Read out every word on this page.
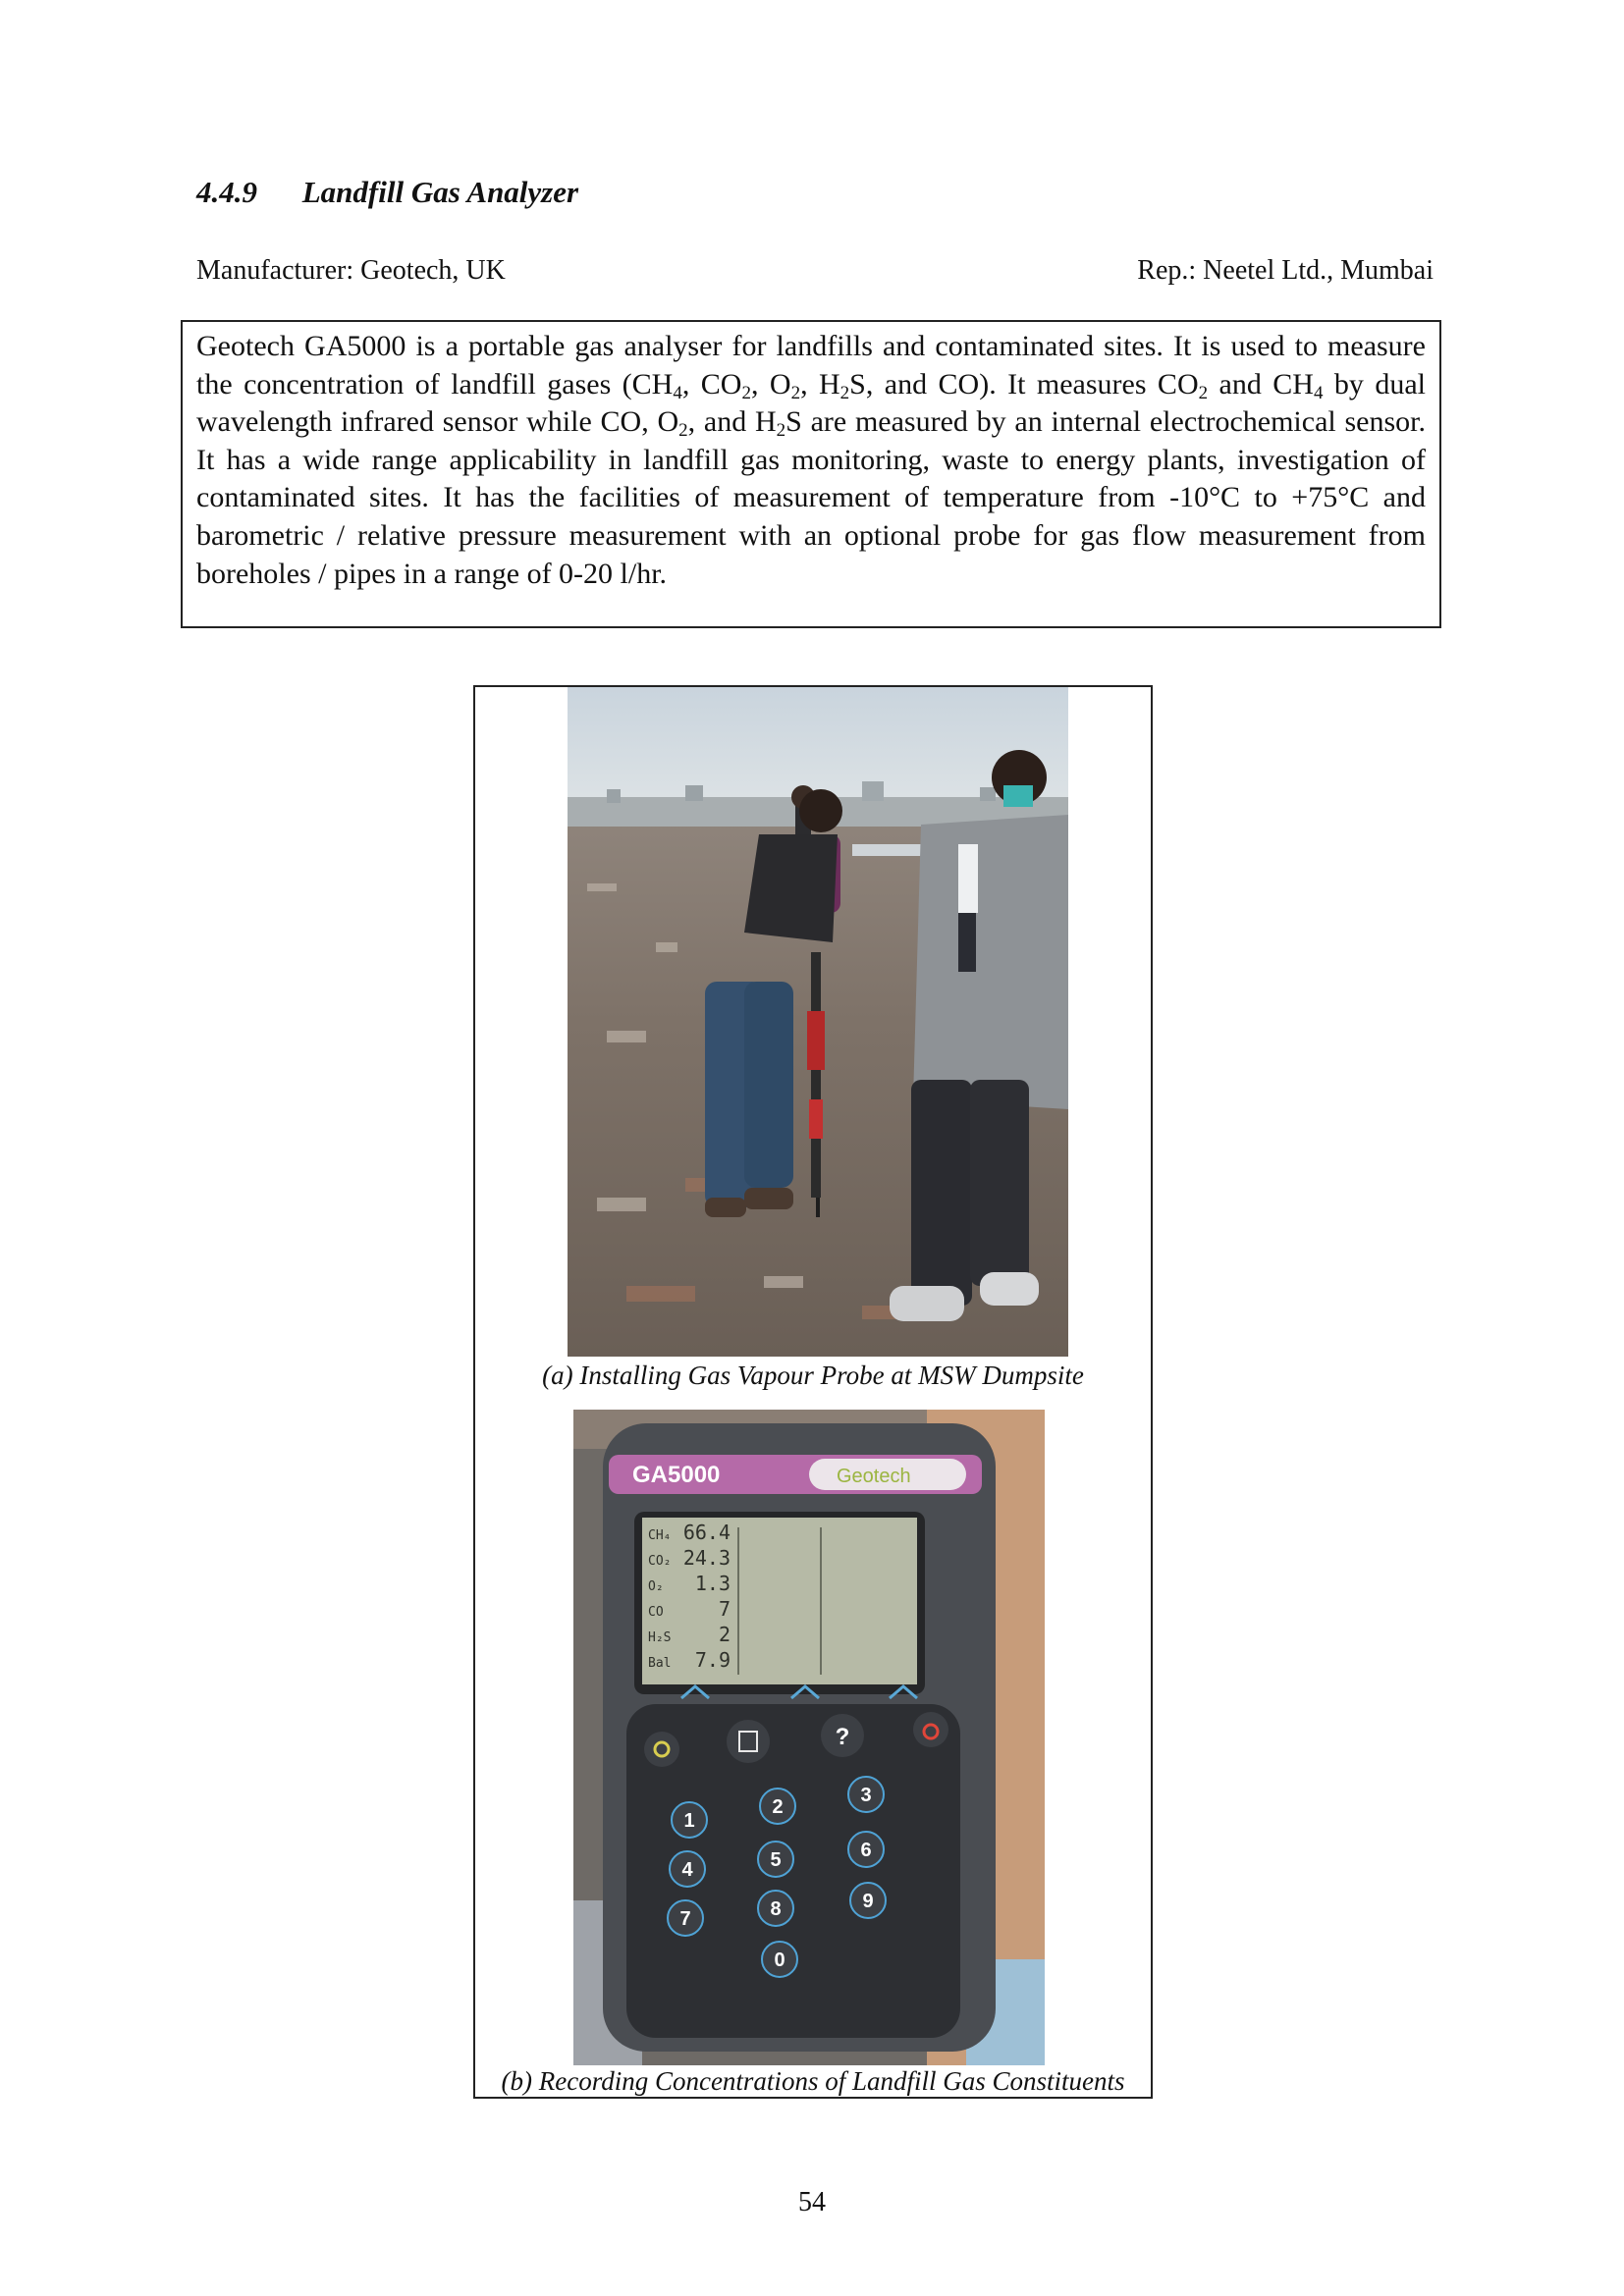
4.4.9 Landfill Gas Analyzer
Manufacturer: Geotech, UK	Rep.: Neetel Ltd., Mumbai

Geotech GA5000 is a portable gas analyser for landfills and contaminated sites. It is used to measure the concentration of landfill gases ($CH_4$, $CO_2$, $O_2$, $H_2S$, and CO). It measures $CO_2$ and $CH_4$ by dual wavelength infrared sensor while CO, $O_2$, and $H_2S$ are measured by an internal electrochemical sensor. It has a wide range applicability in landfill gas monitoring, waste to energy plants, investigation of contaminated sites. It has the facilities of measurement of temperature from -10°C to +75°C and barometric / relative pressure measurement with an optional probe for gas flow measurement from boreholes / pipes in a range of 0-20 l/hr.

(a) Installing Gas Vapour Probe at MSW Dumpsite
GA5000	Geotech
CH₄ 66.4
CO₂ 24.3
O₂ 1.3
CO	7
H₂S 2
Bal 7.9
?
1
2
3
4	5	6
7	8	9
0
(b) Recording Concentrations of Landfill Gas Constituents
54
